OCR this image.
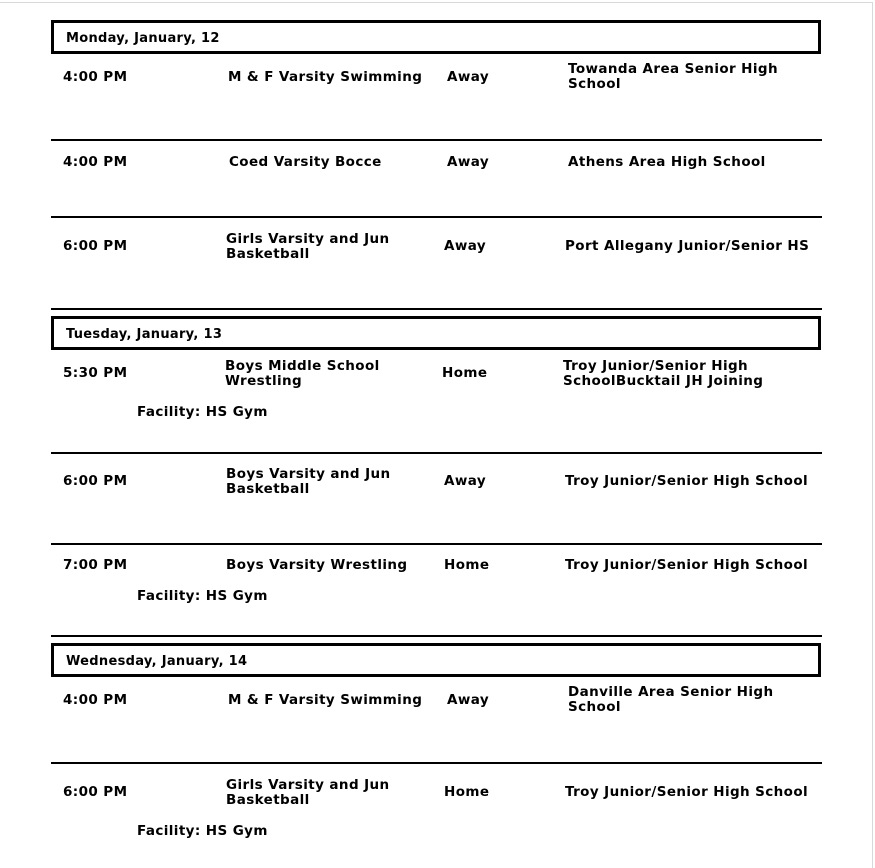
Monday, January, 12
4:00 PM	M & F Varsity Swimming	Away	Towanda Area Senior High School
4:00 PM	Coed Varsity Bocce	Away	Athens Area High School
6:00 PM	Girls Varsity and Jun Basketball	Away	Port Allegany Junior/Senior HS
Tuesday, January, 13
5:30 PM	Boys Middle School Wrestling	Home	Troy Junior/Senior High SchoolBucktail JH Joining
Facility: HS Gym
6:00 PM	Boys Varsity and Jun Basketball	Away	Troy Junior/Senior High School
7:00 PM	Boys Varsity Wrestling	Home	Troy Junior/Senior High School
Facility: HS Gym
Wednesday, January, 14
4:00 PM	M & F Varsity Swimming	Away	Danville Area Senior High School
6:00 PM	Girls Varsity and Jun Basketball	Home	Troy Junior/Senior High School
Facility: HS Gym
